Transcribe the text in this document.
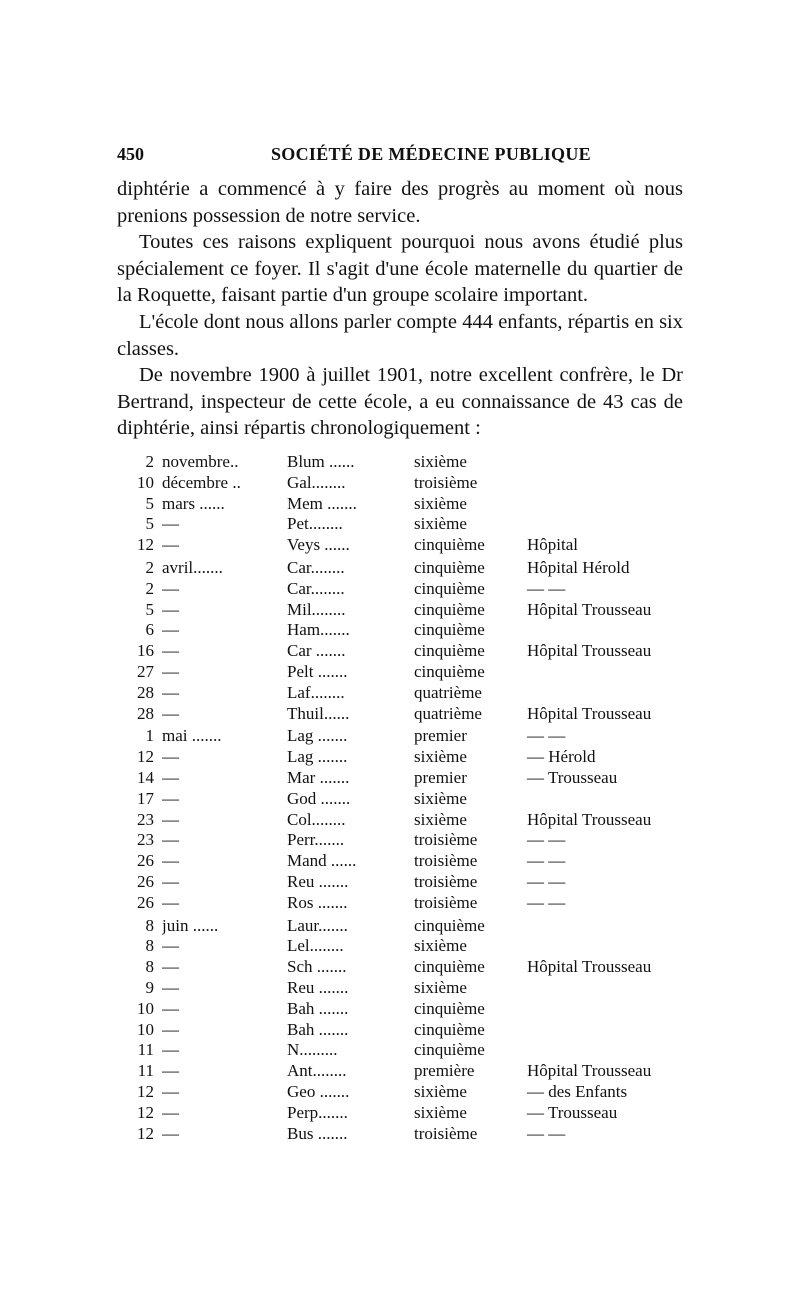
450	SOCIÉTÉ DE MÉDECINE PUBLIQUE

diphtérie a commencé à y faire des progrès au moment où nous prenions possession de notre service.

Toutes ces raisons expliquent pourquoi nous avons étudié plus spécialement ce foyer. Il s'agit d'une école maternelle du quartier de la Roquette, faisant partie d'un groupe scolaire important.

L'école dont nous allons parler compte 444 enfants, répartis en six classes.

De novembre 1900 à juillet 1901, notre excellent confrère, le Dr Bertrand, inspecteur de cette école, a eu connaissance de 43 cas de diphtérie, ainsi répartis chronologiquement :

2 novembre..	Blum ......	sixième
10 décembre ..	Gal........	troisième
5 mars ......	Mem .......	sixième
5 —	Pet........	sixième
12 —	Veys ......	cinquième	Hôpital
2 avril.......	Car........	cinquième	Hôpital Hérold
2 —	Car........	cinquième	— —
5 —	Mil........	cinquième	Hôpital Trousseau
6 —	Ham.......	cinquième
16 —	Car .......	cinquième	Hôpital Trousseau
27 —	Pelt .......	cinquième
28 —	Laf........	quatrième
28 —	Thuil......	quatrième	Hôpital Trousseau
1 mai .......	Lag .......	premier	— —
12 —	Lag .......	sixième	— Hérold
14 —	Mar .......	premier	— Trousseau
17 —	God .......	sixième
23 —	Col........	sixième	Hôpital Trousseau
23 —	Perr.......	troisième	— —
26 —	Mand ......	troisième	— —
26 —	Reu .......	troisième	— —
26 —	Ros .......	troisième	— —
8 juin ......	Laur.......	cinquième
8 —	Lel........	sixième
8 —	Sch .......	cinquième	Hôpital Trousseau
9 —	Reu .......	sixième
10 —	Bah .......	cinquième
10 —	Bah .......	cinquième
11 —	N.........	cinquième
11 —	Ant........	première	Hôpital Trousseau
12 —	Geo .......	sixième	— des Enfants
12 —	Perp.......	sixième	— Trousseau
12 —	Bus .......	troisième	— —
